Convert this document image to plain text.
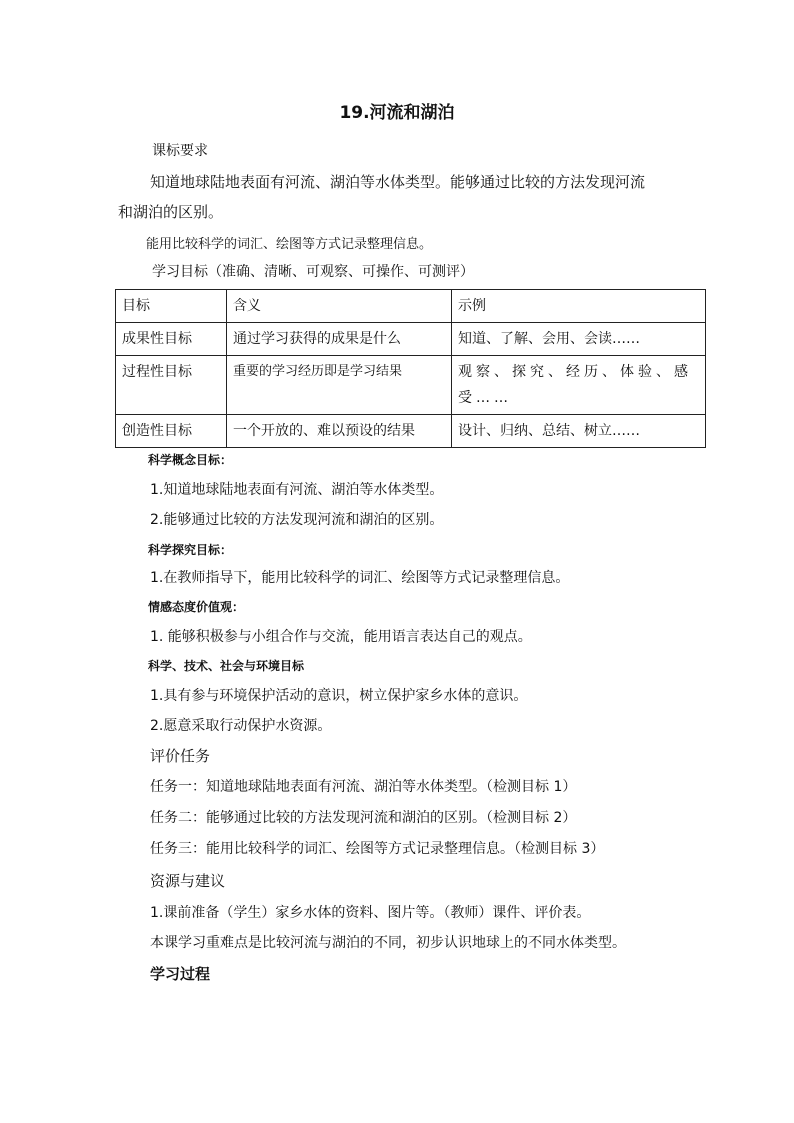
19.河流和湖泊
课标要求
知道地球陆地表面有河流、湖泊等水体类型。能够通过比较的方法发现河流
和湖泊的区别。
能用比较科学的词汇、绘图等方式记录整理信息。
学习目标（准确、清晰、可观察、可操作、可测评）
目标	含义	示例
成果性目标	通过学习获得的成果是什么	知道、了解、会用、会读……
过程性目标	重要的学习经历即是学习结果	观察、探究、经历、体验、感受……
创造性目标	一个开放的、难以预设的结果	设计、归纳、总结、树立……
科学概念目标：
1.知道地球陆地表面有河流、湖泊等水体类型。
2.能够通过比较的方法发现河流和湖泊的区别。
科学探究目标：
1.在教师指导下，能用比较科学的词汇、绘图等方式记录整理信息。
情感态度价值观：
1. 能够积极参与小组合作与交流，能用语言表达自己的观点。
科学、技术、社会与环境目标
1.具有参与环境保护活动的意识，树立保护家乡水体的意识。
2.愿意采取行动保护水资源。
评价任务
任务一：知道地球陆地表面有河流、湖泊等水体类型。（检测目标 1）
任务二：能够通过比较的方法发现河流和湖泊的区别。（检测目标 2）
任务三：能用比较科学的词汇、绘图等方式记录整理信息。（检测目标 3）
资源与建议
1.课前准备（学生）家乡水体的资料、图片等。（教师）课件、评价表。
本课学习重难点是比较河流与湖泊的不同，初步认识地球上的不同水体类型。
学习过程
